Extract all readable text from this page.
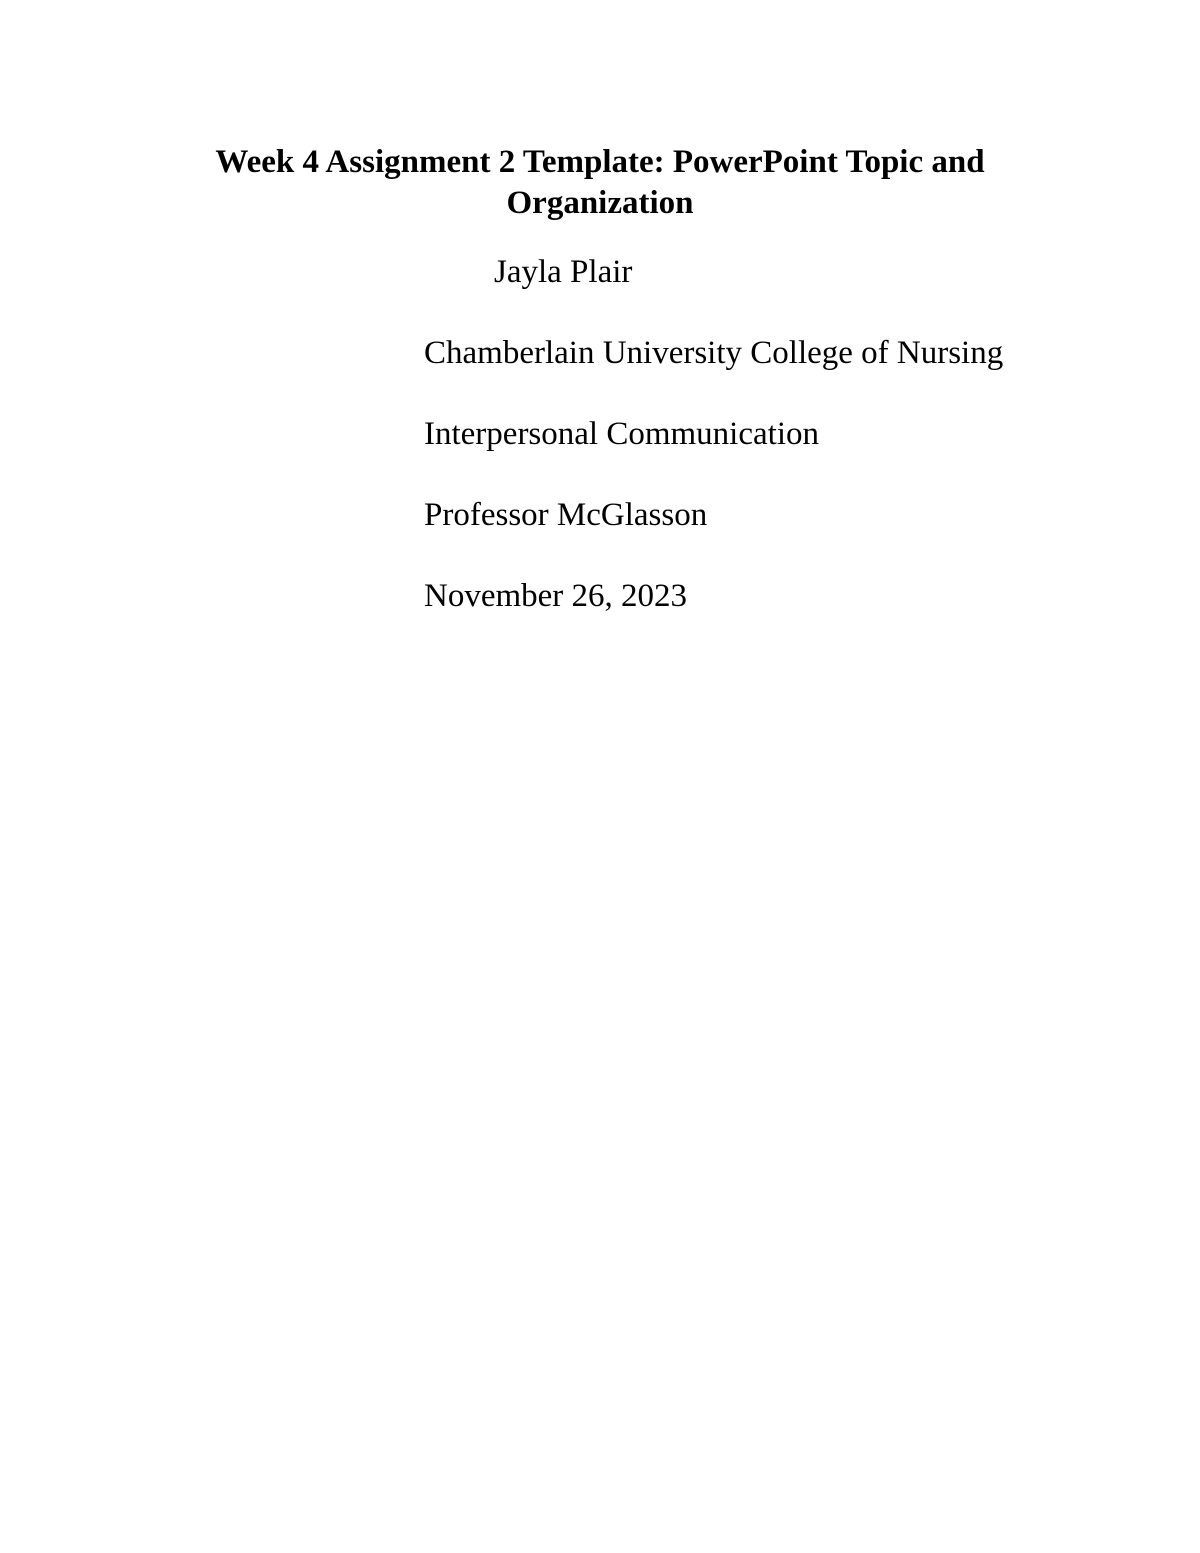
Week 4 Assignment 2 Template: PowerPoint Topic and
Organization

Jayla Plair

Chamberlain University College of Nursing

Interpersonal Communication

Professor McGlasson

November 26, 2023
